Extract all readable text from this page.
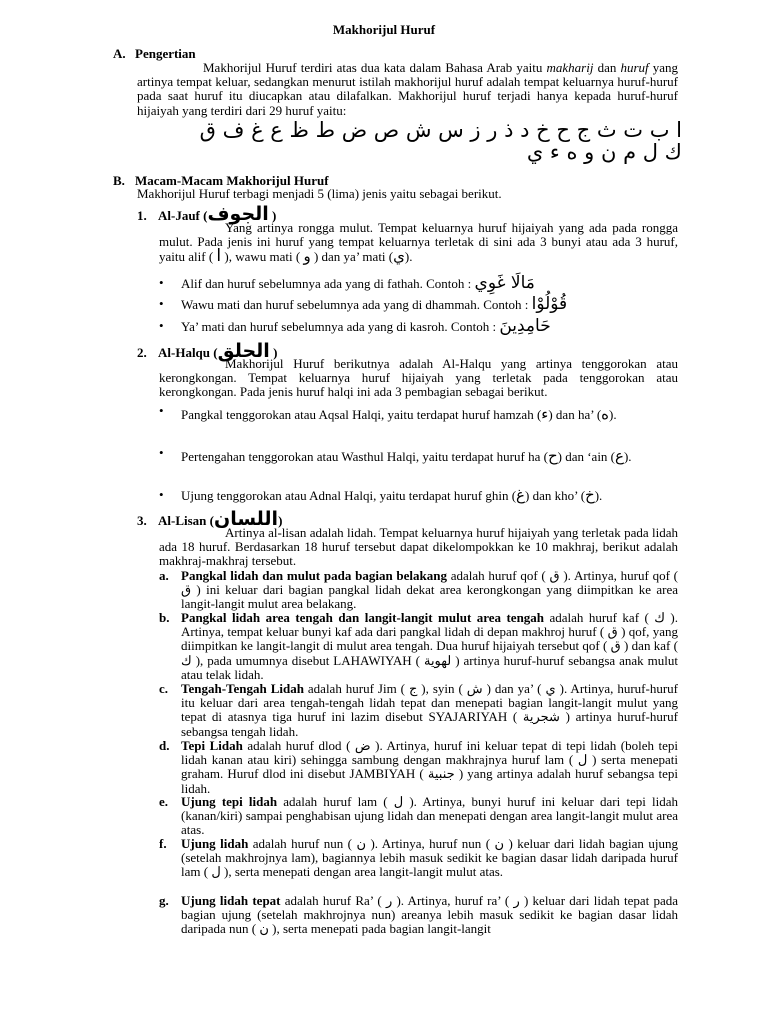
Makhorijul Huruf
A. Pengertian
Makhorijul Huruf terdiri atas dua kata dalam Bahasa Arab yaitu makharij dan huruf yang artinya tempat keluar, sedangkan menurut istilah makhorijul huruf adalah tempat keluarnya huruf-huruf pada saat huruf itu diucapkan atau dilafalkan. Makhorijul huruf terjadi hanya kepada huruf-huruf hijaiyah yang terdiri dari 29 huruf yaitu:
ا ب ت ث ج ح خ د ذ ر ز س ش ص ض ط ظ ع غ ف ق
ك ل م ن و ه ء ي
B. Macam-Macam Makhorijul Huruf
Makhorijul Huruf terbagi menjadi 5 (lima) jenis yaitu sebagai berikut.
1. Al-Jauf (الجوف )
Yang artinya rongga mulut. Tempat keluarnya huruf hijaiyah yang ada pada rongga mulut. Pada jenis ini huruf yang tempat keluarnya terletak di sini ada 3 bunyi atau ada 3 huruf, yaitu alif ( ا ), wawu mati ( و ) dan ya’ mati (ي).
• Alif dan huruf sebelumnya ada yang di fathah. Contoh : مَالَا غَوِي
• Wawu mati dan huruf sebelumnya ada yang di dhammah. Contoh : قُوْلُوْا
• Ya’ mati dan huruf sebelumnya ada yang di kasroh. Contoh : حَامِدِينَ
2. Al-Halqu (الحلق )
Makhorijul Huruf berikutnya adalah Al-Halqu yang artinya tenggorokan atau kerongkongan. Tempat keluarnya huruf hijaiyah yang terletak pada tenggorokan atau kerongkongan. Pada jenis huruf halqi ini ada 3 pembagian sebagai berikut.
• Pangkal tenggorokan atau Aqsal Halqi, yaitu terdapat huruf hamzah (ء) dan ha’ (ه).
• Pertengahan tenggorokan atau Wasthul Halqi, yaitu terdapat huruf ha (ح) dan ‘ain (ع).
• Ujung tenggorokan atau Adnal Halqi, yaitu terdapat huruf ghin (غ) dan kho’ (خ).
3. Al-Lisan (اللسان)
Artinya al-lisan adalah lidah. Tempat keluarnya huruf hijaiyah yang terletak pada lidah ada 18 huruf. Berdasarkan 18 huruf tersebut dapat dikelompokkan ke 10 makhraj, berikut adalah makhraj-makhraj tersebut.
a. Pangkal lidah dan mulut pada bagian belakang adalah huruf qof ( ق ). Artinya, huruf qof ( ق ) ini keluar dari bagian pangkal lidah dekat area kerongkongan yang diimpitkan ke area langit-langit mulut area belakang.
b. Pangkal lidah area tengah dan langit-langit mulut area tengah adalah huruf kaf ( ك ). Artinya, tempat keluar bunyi kaf ada dari pangkal lidah di depan makhroj huruf ( ق ) qof, yang diimpitkan ke langit-langit di mulut area tengah. Dua huruf hijaiyah tersebut qof ( ق ) dan kaf ( ك ), pada umumnya disebut LAHAWIYAH ( لهوية ) artinya huruf-huruf sebangsa anak mulut atau telak lidah.
c. Tengah-Tengah Lidah adalah huruf Jim ( ج ), syin ( ش ) dan ya’ ( ي ). Artinya, huruf-huruf itu keluar dari area tengah-tengah lidah tepat dan menepati bagian langit-langit mulut yang tepat di atasnya tiga huruf ini lazim disebut SYAJARIYAH ( شجرية ) artinya huruf-huruf sebangsa tengah lidah.
d. Tepi Lidah adalah huruf dlod ( ض ). Artinya, huruf ini keluar tepat di tepi lidah (boleh tepi lidah kanan atau kiri) sehingga sambung dengan makhrajnya huruf lam ( ل ) serta menepati graham. Huruf dlod ini disebut JAMBIYAH ( جنبية ) yang artinya adalah huruf sebangsa tepi lidah.
e. Ujung tepi lidah adalah huruf lam ( ل ). Artinya, bunyi huruf ini keluar dari tepi lidah (kanan/kiri) sampai penghabisan ujung lidah dan menepati dengan area langit-langit mulut area atas.
f. Ujung lidah adalah huruf nun ( ن ). Artinya, huruf nun ( ن ) keluar dari lidah bagian ujung (setelah makhrojnya lam), bagiannya lebih masuk sedikit ke bagian dasar lidah daripada huruf lam ( ل ), serta menepati dengan area langit-langit mulut atas.
g. Ujung lidah tepat adalah huruf Ra’ ( ر ). Artinya, huruf ra’ ( ر ) keluar dari lidah tepat pada bagian ujung (setelah makhrojnya nun) areanya lebih masuk sedikit ke bagian dasar lidah daripada nun ( ن ), serta menepati pada bagian langit-langit
